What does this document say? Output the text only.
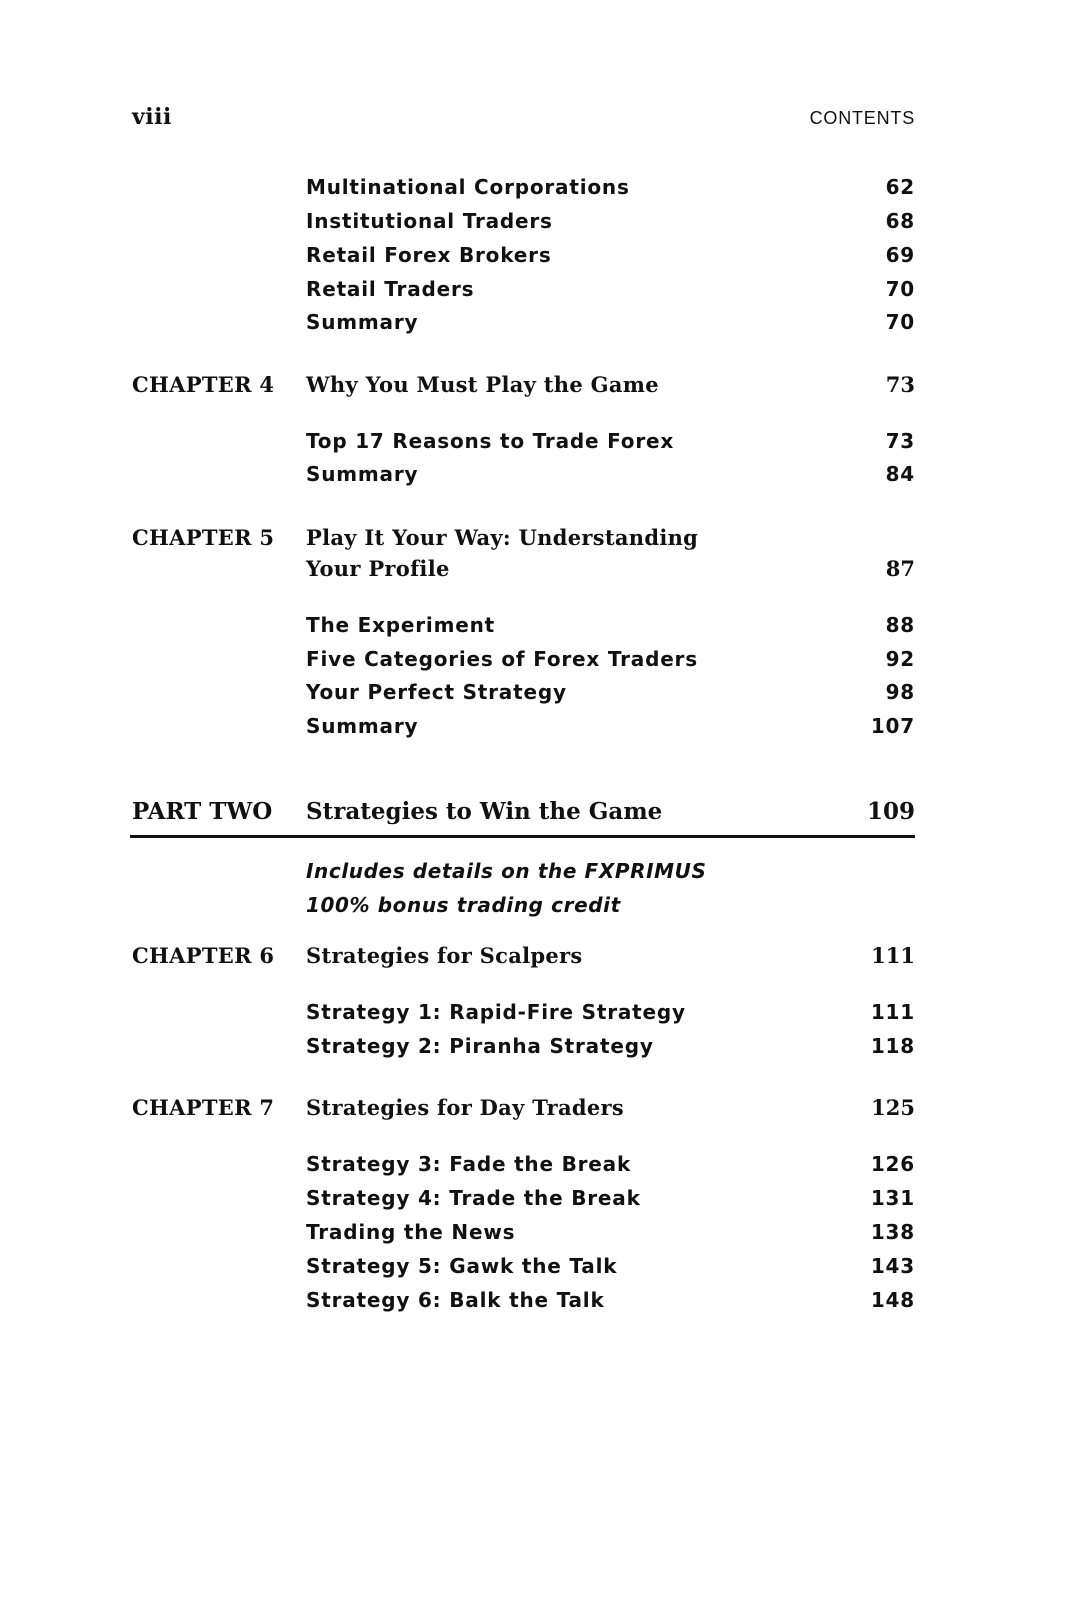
viii	CONTENTS
Multinational Corporations	62
Institutional Traders	68
Retail Forex Brokers	69
Retail Traders	70
Summary	70
CHAPTER 4 Why You Must Play the Game	73
Top 17 Reasons to Trade Forex	73
Summary	84
CHAPTER 5 Play It Your Way: Understanding
Your Profile	87
The Experiment	88
Five Categories of Forex Traders	92
Your Perfect Strategy	98
Summary	107
PART TWO Strategies to Win the Game	109
Includes details on the FXPRIMUS
100% bonus trading credit
CHAPTER 6 Strategies for Scalpers	111
Strategy 1: Rapid-Fire Strategy	111
Strategy 2: Piranha Strategy	118
CHAPTER 7 Strategies for Day Traders	125
Strategy 3: Fade the Break	126
Strategy 4: Trade the Break	131
Trading the News	138
Strategy 5: Gawk the Talk	143
Strategy 6: Balk the Talk	148
